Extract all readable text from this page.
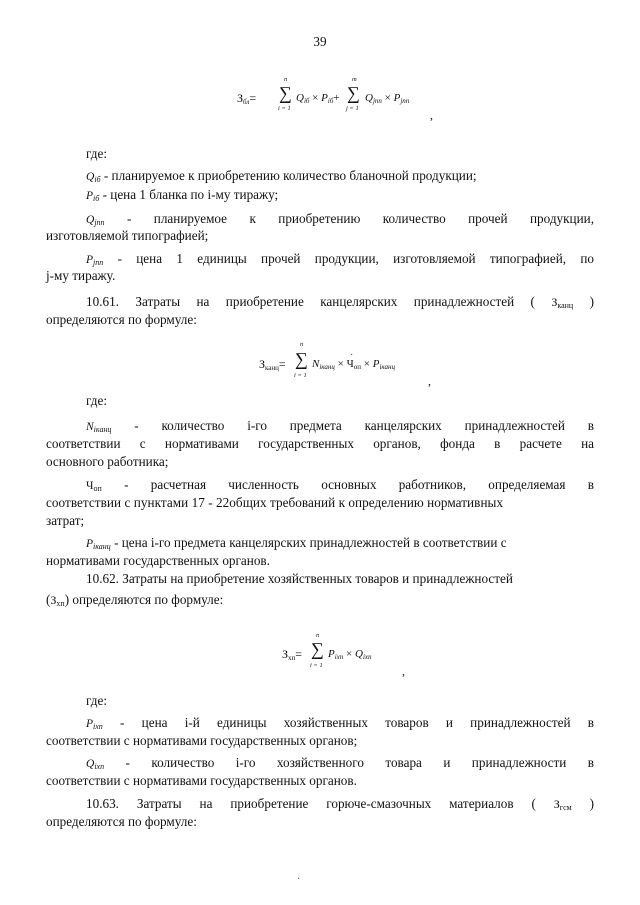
39
Збл=
n
∑
i = 1
Qiб × Piб+
m
∑
j = 1
Qjпп × Pjпп
,
где:
$Q_{iб}$ - планируемое к приобретению количество бланочной продукции;
$P_{iб}$ - цена 1 бланка по i-му тиражу;
$Q_{jпп}$ - планируемое к приобретению количество прочей продукции,
изготовляемой типографией;
$P_{jпп}$ - цена 1 единицы прочей продукции, изготовляемой типографией, по
j-му тиражу.
10.61. Затраты на приобретение канцелярских принадлежностей ( $З_{канц}$ )
определяются по формуле:
Зканц=
n
∑
i = 1
Niканц × Чоп × Piканц
,
где:
$N_{iканц}$ - количество i-го предмета канцелярских принадлежностей в
соответствии с нормативами государственных органов, фонда в расчете на
основного работника;
$Ч_{оп}$ - расчетная численность основных работников, определяемая в
соответствии с пунктами 17 - 22общих требований к определению нормативных
затрат;
$P_{iканц}$ - цена i-го предмета канцелярских принадлежностей в соответствии с
нормативами государственных органов.
10.62. Затраты на приобретение хозяйственных товаров и принадлежностей
$(З_{хп})$ определяются по формуле:
Зхп=
n
∑
i = 1
Piхп × Qiхп
,
где:
$P_{iхп}$ - цена i-й единицы хозяйственных товаров и принадлежностей в
соответствии с нормативами государственных органов;
$Q_{iхп}$ - количество i-го хозяйственного товара и принадлежности в
соответствии с нормативами государственных органов.
10.63. Затраты на приобретение горюче-смазочных материалов ( $З_{гсм}$ )
определяются по формуле:
·
·
